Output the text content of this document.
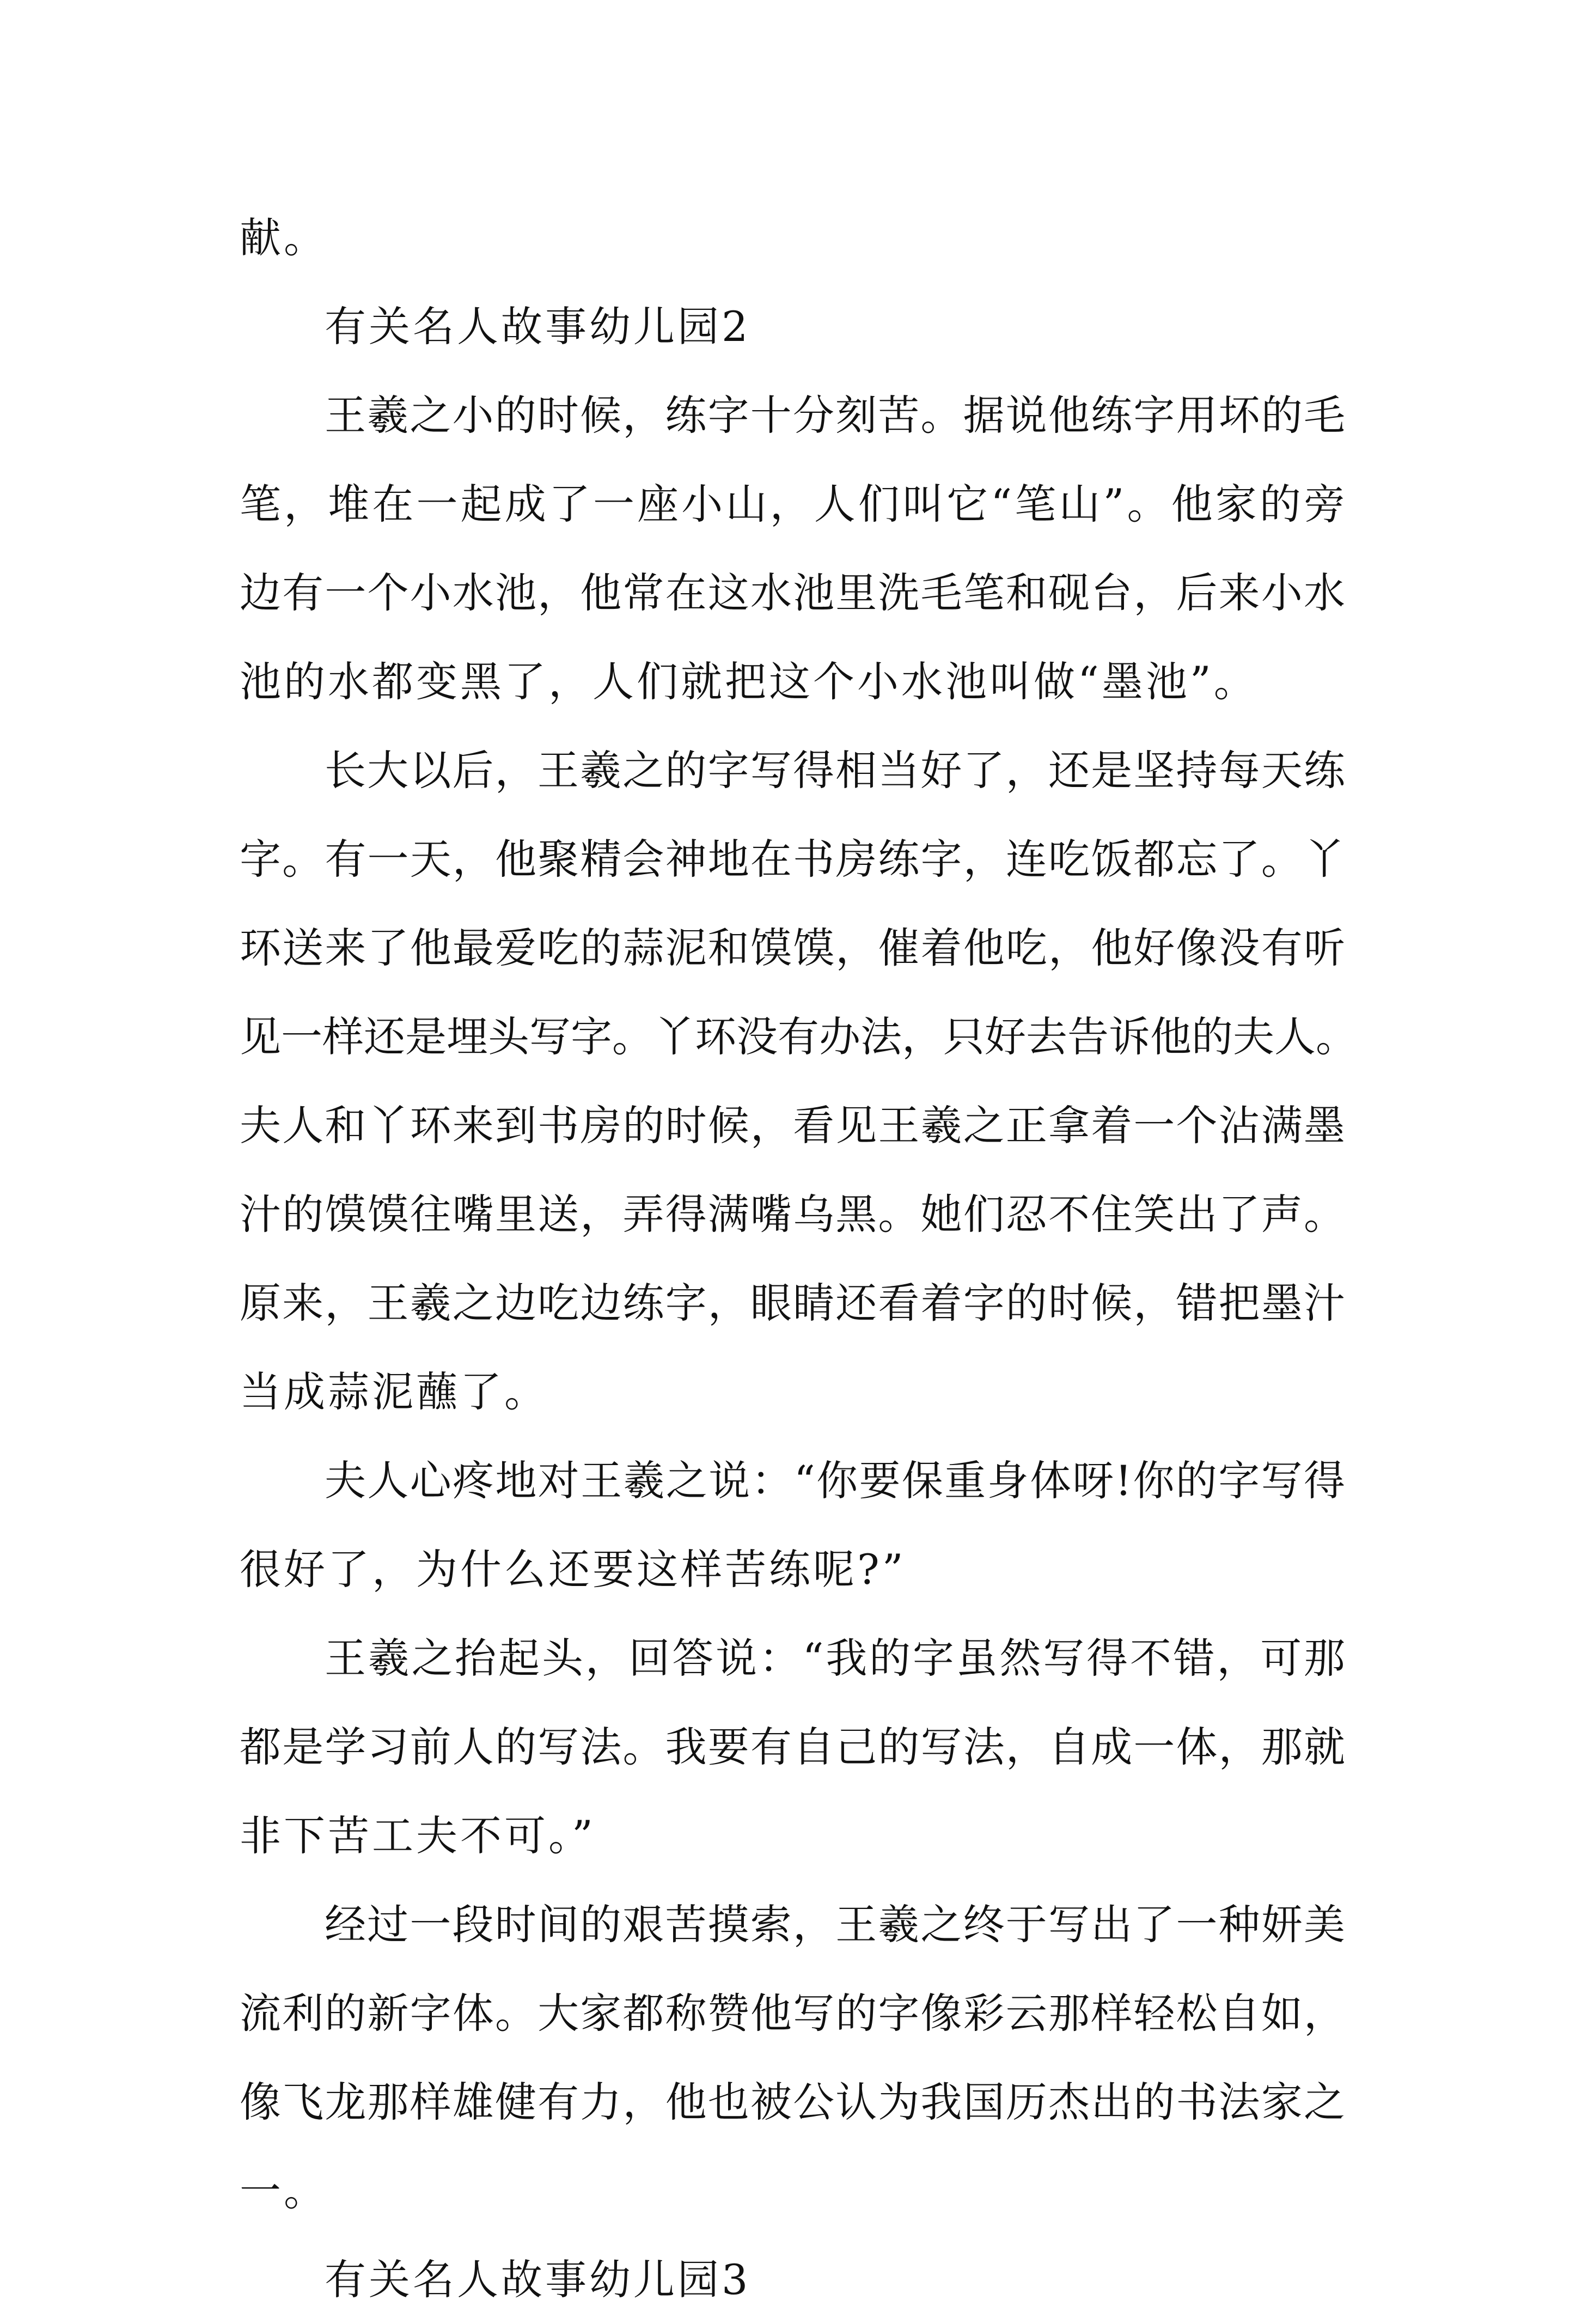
献。
有关名人故事幼儿园2
王羲之小的时候，练字十分刻苦。据说他练字用坏的毛
笔，堆在一起成了一座小山，人们叫它“笔山”。他家的旁
边有一个小水池，他常在这水池里洗毛笔和砚台，后来小水
池的水都变黑了，人们就把这个小水池叫做“墨池”。
长大以后，王羲之的字写得相当好了，还是坚持每天练
字。有一天，他聚精会神地在书房练字，连吃饭都忘了。丫
环送来了他最爱吃的蒜泥和馍馍，催着他吃，他好像没有听
见一样还是埋头写字。丫环没有办法，只好去告诉他的夫人。
夫人和丫环来到书房的时候，看见王羲之正拿着一个沾满墨
汁的馍馍往嘴里送，弄得满嘴乌黑。她们忍不住笑出了声。
原来，王羲之边吃边练字，眼睛还看着字的时候，错把墨汁
当成蒜泥蘸了。
夫人心疼地对王羲之说：“你要保重身体呀!你的字写得
很好了，为什么还要这样苦练呢?”
王羲之抬起头，回答说：“我的字虽然写得不错，可那
都是学习前人的写法。我要有自己的写法，自成一体，那就
非下苦工夫不可。”
经过一段时间的艰苦摸索，王羲之终于写出了一种妍美
流利的新字体。大家都称赞他写的字像彩云那样轻松自如，
像飞龙那样雄健有力，他也被公认为我国历杰出的书法家之
一。
有关名人故事幼儿园3
